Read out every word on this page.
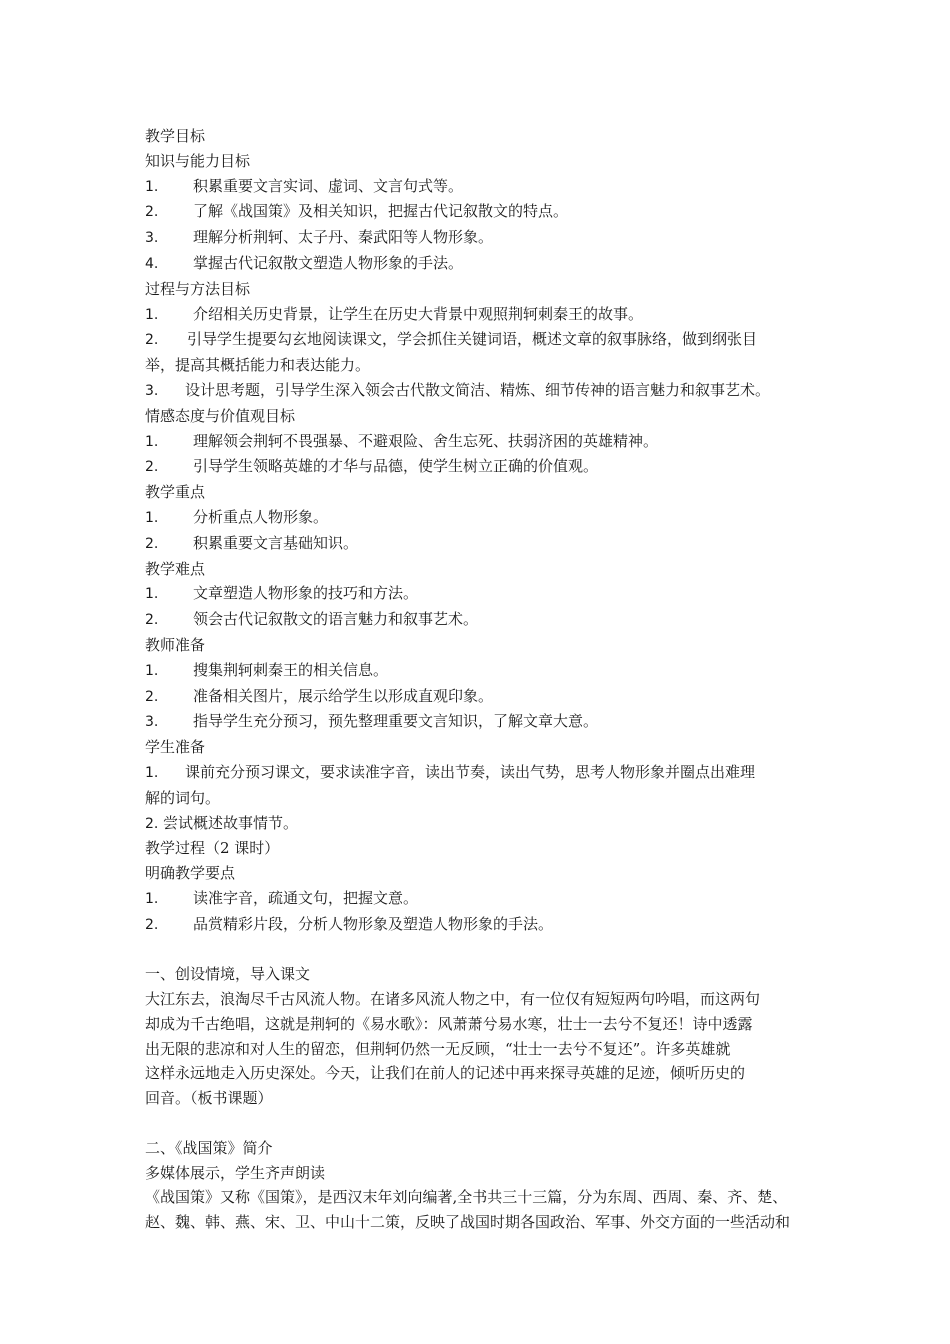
教学目标
知识与能力目标
1. 积累重要文言实词、虚词、文言句式等。
2. 了解《战国策》及相关知识，把握古代记叙散文的特点。
3. 理解分析荆轲、太子丹、秦武阳等人物形象。
4. 掌握古代记叙散文塑造人物形象的手法。
过程与方法目标
1. 介绍相关历史背景，让学生在历史大背景中观照荆轲刺秦王的故事。
2. 引导学生提要勾玄地阅读课文，学会抓住关键词语，概述文章的叙事脉络，做到纲张目
举，提高其概括能力和表达能力。
3. 设计思考题，引导学生深入领会古代散文简洁、精炼、细节传神的语言魅力和叙事艺术。
情感态度与价值观目标
1. 理解领会荆轲不畏强暴、不避艰险、舍生忘死、扶弱济困的英雄精神。
2. 引导学生领略英雄的才华与品德，使学生树立正确的价值观。
教学重点
1. 分析重点人物形象。
2. 积累重要文言基础知识。
教学难点
1. 文章塑造人物形象的技巧和方法。
2. 领会古代记叙散文的语言魅力和叙事艺术。
教师准备
1. 搜集荆轲刺秦王的相关信息。
2. 准备相关图片，展示给学生以形成直观印象。
3. 指导学生充分预习，预先整理重要文言知识，了解文章大意。
学生准备
1. 课前充分预习课文，要求读准字音，读出节奏，读出气势，思考人物形象并圈点出难理
解的词句。
2. 尝试概述故事情节。
教学过程（2 课时）
明确教学要点
1. 读准字音，疏通文句，把握文意。
2. 品赏精彩片段，分析人物形象及塑造人物形象的手法。
一、创设情境，导入课文
大江东去，浪淘尽千古风流人物。在诸多风流人物之中，有一位仅有短短两句吟唱，而这两句
却成为千古绝唱，这就是荆轲的《易水歌》：风萧萧兮易水寒，壮士一去兮不复还！诗中透露
出无限的悲凉和对人生的留恋，但荆轲仍然一无反顾，“壮士一去兮不复还”。许多英雄就
这样永远地走入历史深处。今天，让我们在前人的记述中再来探寻英雄的足迹，倾听历史的
回音。（板书课题）
二、《战国策》简介
多媒体展示，学生齐声朗读
《战国策》又称《国策》，是西汉末年刘向编著,全书共三十三篇，分为东周、西周、秦、齐、楚、
赵、魏、韩、燕、宋、卫、中山十二策，反映了战国时期各国政治、军事、外交方面的一些活动和
